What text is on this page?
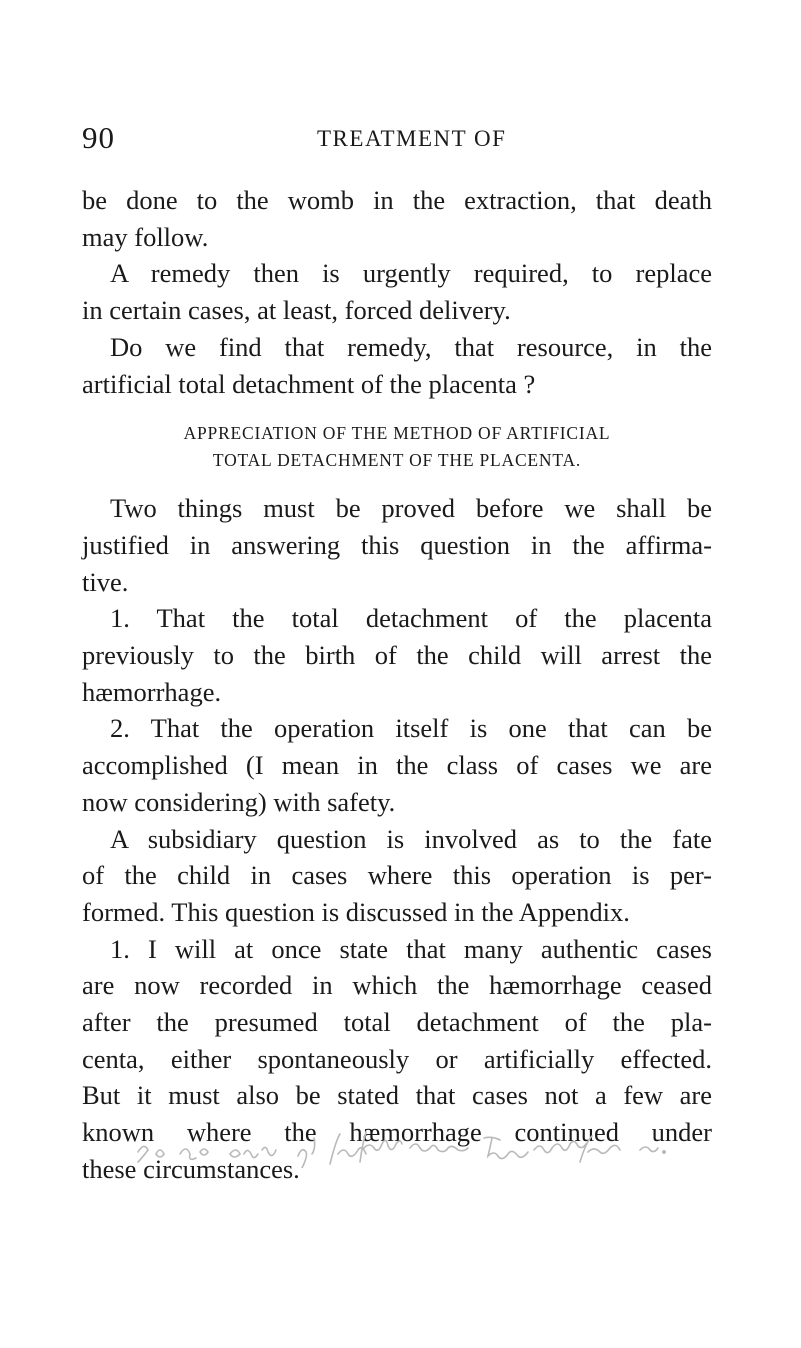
90	TREATMENT OF

be done to the womb in the extraction, that death
may follow.

A remedy then is urgently required, to replace
in certain cases, at least, forced delivery.

Do we find that remedy, that resource, in the
artificial total detachment of the placenta ?

APPRECIATION OF THE METHOD OF ARTIFICIAL
TOTAL DETACHMENT OF THE PLACENTA.

Two things must be proved before we shall be
justified in answering this question in the affirma-
tive.

1. That the total detachment of the placenta
previously to the birth of the child will arrest the
hæmorrhage.

2. That the operation itself is one that can be
accomplished (I mean in the class of cases we are
now considering) with safety.

A subsidiary question is involved as to the fate
of the child in cases where this operation is per-
formed. This question is discussed in the Appendix.

1. I will at once state that many authentic cases
are now recorded in which the hæmorrhage ceased
after the presumed total detachment of the pla-
centa, either spontaneously or artificially effected.
But it must also be stated that cases not a few are
known where the hæmorrhage continued under
these circumstances.
